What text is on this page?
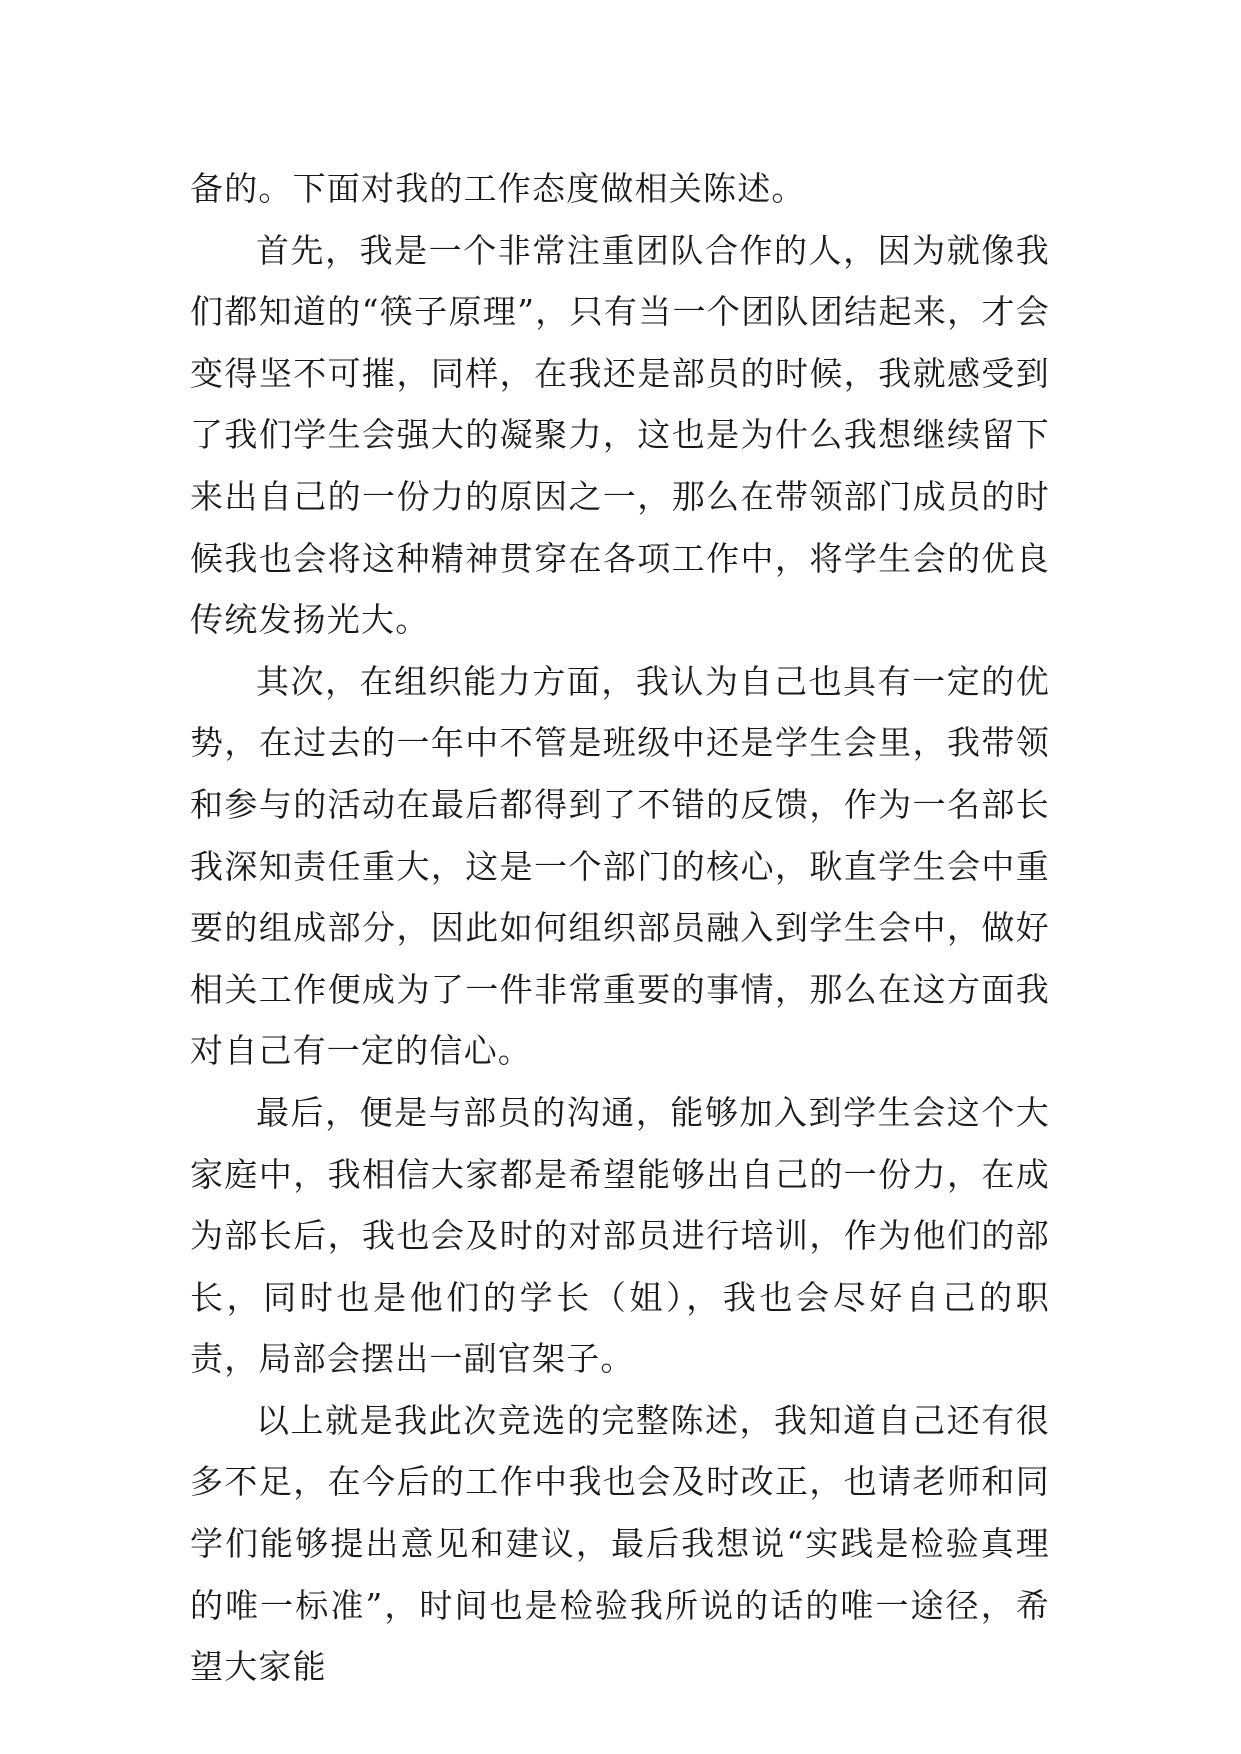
备的。下面对我的工作态度做相关陈述。

首先，我是一个非常注重团队合作的人，因为就像我们都知道的“筷子原理”，只有当一个团队团结起来，才会变得坚不可摧，同样，在我还是部员的时候，我就感受到了我们学生会强大的凝聚力，这也是为什么我想继续留下来出自己的一份力的原因之一，那么在带领部门成员的时候我也会将这种精神贯穿在各项工作中，将学生会的优良传统发扬光大。

其次，在组织能力方面，我认为自己也具有一定的优势，在过去的一年中不管是班级中还是学生会里，我带领和参与的活动在最后都得到了不错的反馈，作为一名部长我深知责任重大，这是一个部门的核心，耿直学生会中重要的组成部分，因此如何组织部员融入到学生会中，做好相关工作便成为了一件非常重要的事情，那么在这方面我对自己有一定的信心。

最后，便是与部员的沟通，能够加入到学生会这个大家庭中，我相信大家都是希望能够出自己的一份力，在成为部长后，我也会及时的对部员进行培训，作为他们的部长，同时也是他们的学长（姐），我也会尽好自己的职责，局部会摆出一副官架子。

以上就是我此次竞选的完整陈述，我知道自己还有很多不足，在今后的工作中我也会及时改正，也请老师和同学们能够提出意见和建议，最后我想说“实践是检验真理的唯一标准”，时间也是检验我所说的话的唯一途径，希望大家能
